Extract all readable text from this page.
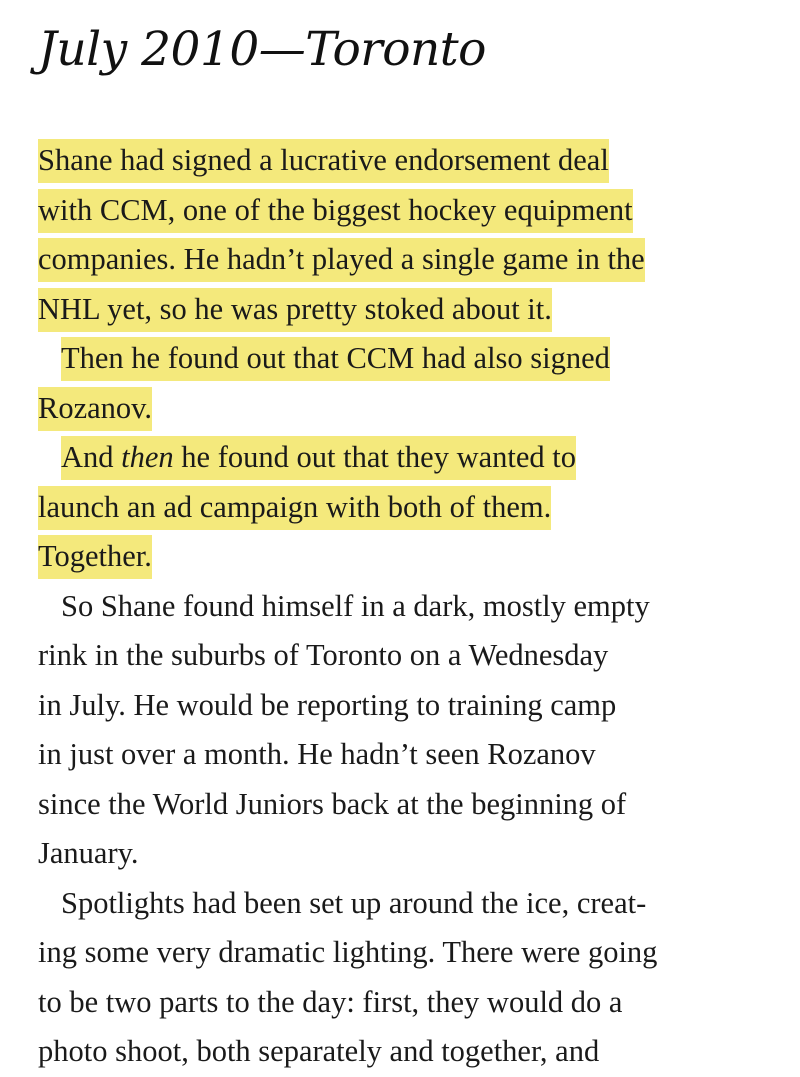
July 2010—Toronto
Shane had signed a lucrative endorsement deal
with CCM, one of the biggest hockey equipment
companies. He hadn’t played a single game in the
NHL yet, so he was pretty stoked about it.
Then he found out that CCM had also signed
Rozanov.
And then he found out that they wanted to
launch an ad campaign with both of them.
Together.
So Shane found himself in a dark, mostly empty
rink in the suburbs of Toronto on a Wednesday
in July. He would be reporting to training camp
in just over a month. He hadn’t seen Rozanov
since the World Juniors back at the beginning of
January.
Spotlights had been set up around the ice, creat-
ing some very dramatic lighting. There were going
to be two parts to the day: first, they would do a
photo shoot, both separately and together, and
